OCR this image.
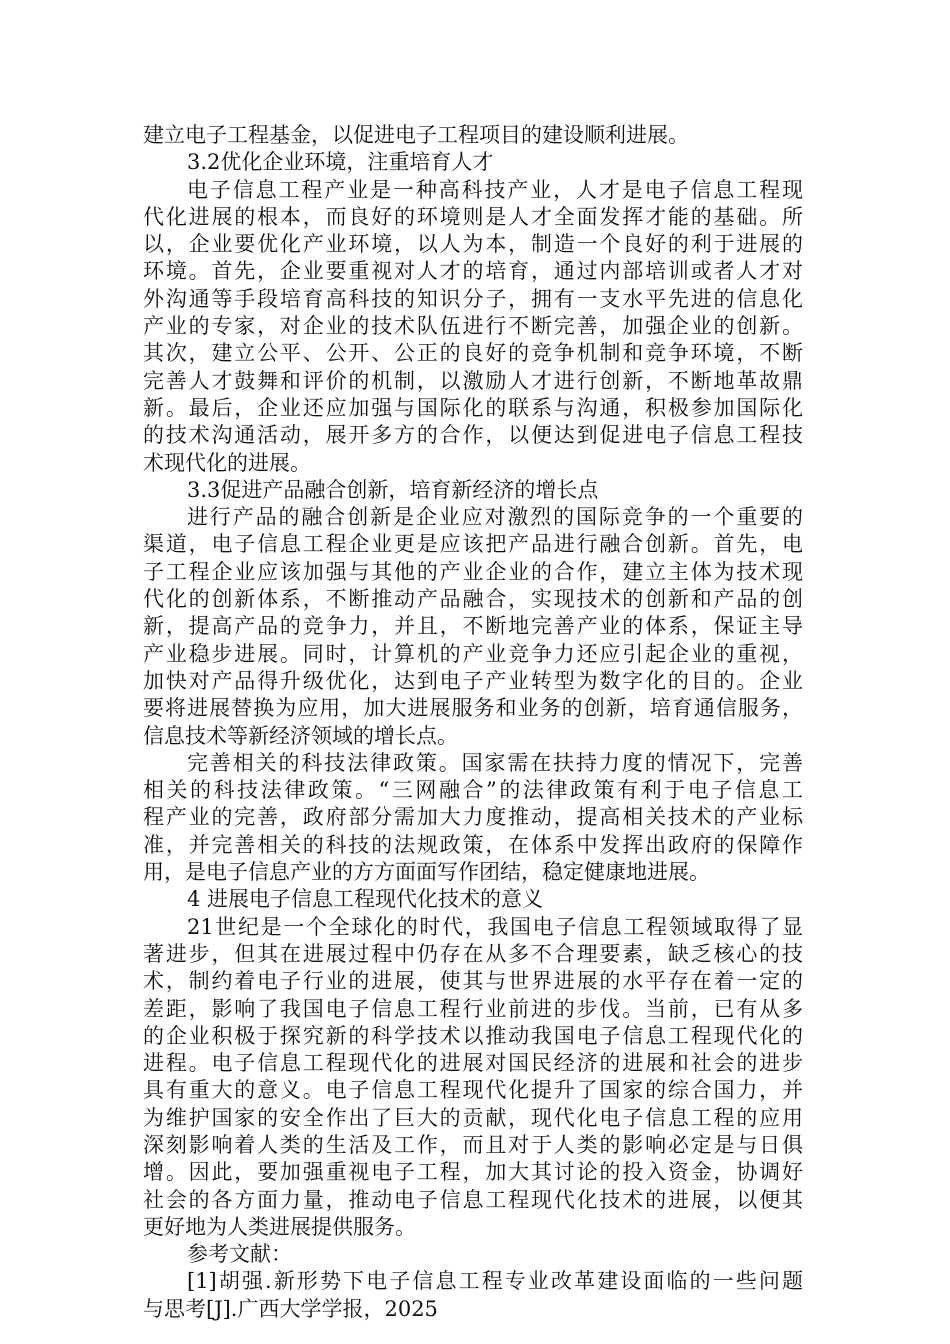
建立电子工程基金，以促进电子工程项目的建设顺利进展。
3.2优化企业环境，注重培育人才
电子信息工程产业是一种高科技产业，人才是电子信息工程现
代化进展的根本，而良好的环境则是人才全面发挥才能的基础。所
以，企业要优化产业环境，以人为本，制造一个良好的利于进展的
环境。首先，企业要重视对人才的培育，通过内部培训或者人才对
外沟通等手段培育高科技的知识分子，拥有一支水平先进的信息化
产业的专家，对企业的技术队伍进行不断完善，加强企业的创新。
其次，建立公平、公开、公正的良好的竞争机制和竞争环境，不断
完善人才鼓舞和评价的机制，以激励人才进行创新，不断地革故鼎
新。最后，企业还应加强与国际化的联系与沟通，积极参加国际化
的技术沟通活动，展开多方的合作，以便达到促进电子信息工程技
术现代化的进展。
3.3促进产品融合创新，培育新经济的增长点
进行产品的融合创新是企业应对激烈的国际竞争的一个重要的
渠道，电子信息工程企业更是应该把产品进行融合创新。首先，电
子工程企业应该加强与其他的产业企业的合作，建立主体为技术现
代化的创新体系，不断推动产品融合，实现技术的创新和产品的创
新，提高产品的竞争力，并且，不断地完善产业的体系，保证主导
产业稳步进展。同时，计算机的产业竞争力还应引起企业的重视，
加快对产品得升级优化，达到电子产业转型为数字化的目的。企业
要将进展替换为应用，加大进展服务和业务的创新，培育通信服务，
信息技术等新经济领域的增长点。
完善相关的科技法律政策。国家需在扶持力度的情况下，完善
相关的科技法律政策。“三网融合”的法律政策有利于电子信息工
程产业的完善，政府部分需加大力度推动，提高相关技术的产业标
准，并完善相关的科技的法规政策，在体系中发挥出政府的保障作
用，是电子信息产业的方方面面写作团结，稳定健康地进展。
4 进展电子信息工程现代化技术的意义
21世纪是一个全球化的时代，我国电子信息工程领域取得了显
著进步，但其在进展过程中仍存在从多不合理要素，缺乏核心的技
术，制约着电子行业的进展，使其与世界进展的水平存在着一定的
差距，影响了我国电子信息工程行业前进的步伐。当前，已有从多
的企业积极于探究新的科学技术以推动我国电子信息工程现代化的
进程。电子信息工程现代化的进展对国民经济的进展和社会的进步
具有重大的意义。电子信息工程现代化提升了国家的综合国力，并
为维护国家的安全作出了巨大的贡献，现代化电子信息工程的应用
深刻影响着人类的生活及工作，而且对于人类的影响必定是与日俱
增。因此，要加强重视电子工程，加大其讨论的投入资金，协调好
社会的各方面力量，推动电子信息工程现代化技术的进展，以便其
更好地为人类进展提供服务。
参考文献：
[1]胡强.新形势下电子信息工程专业改革建设面临的一些问题
与思考[J].广西大学学报，2025
